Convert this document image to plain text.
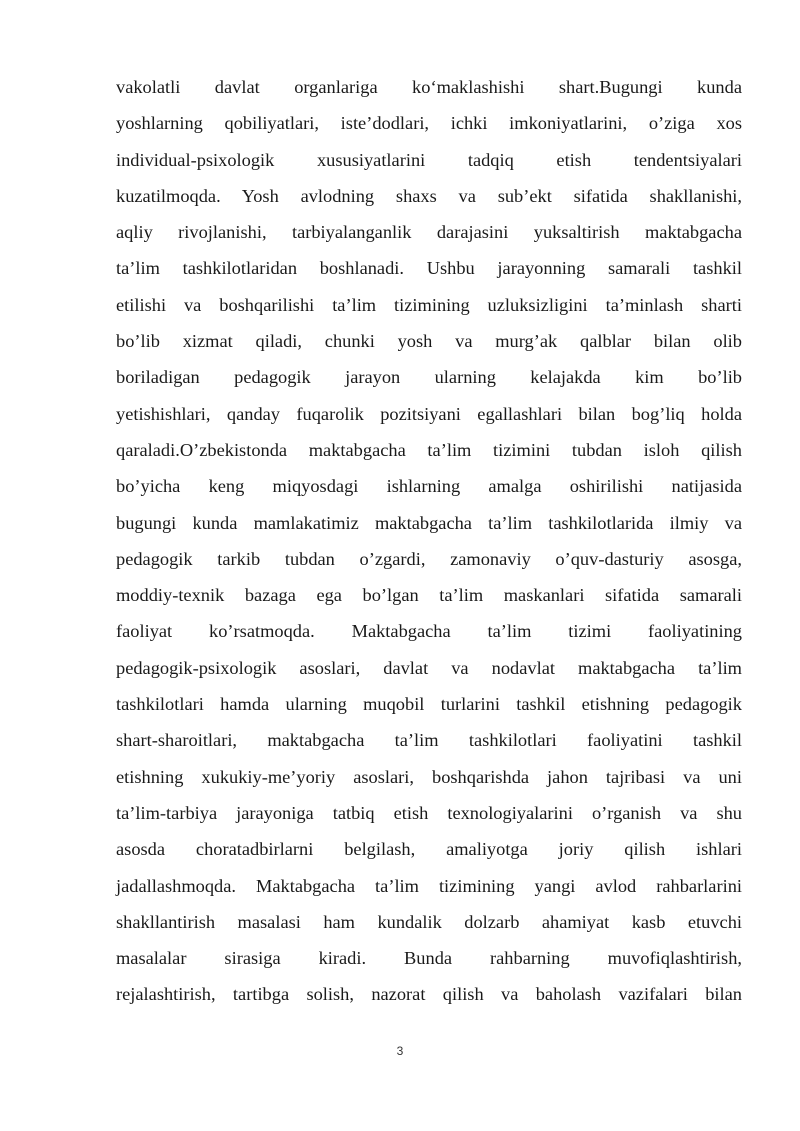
vakolatli davlat organlariga ko‘maklashishi shart.Bugungi kunda
yoshlarning qobiliyatlari, iste’dodlari, ichki imkoniyatlarini, o’ziga xos
individual-psixologik xususiyatlarini tadqiq etish tendentsiyalari
kuzatilmoqda. Yosh avlodning shaxs va sub’ekt sifatida shakllanishi,
aqliy rivojlanishi, tarbiyalanganlik darajasini yuksaltirish maktabgacha
ta’lim tashkilotlaridan boshlanadi. Ushbu jarayonning samarali tashkil
etilishi va boshqarilishi ta’lim tizimining uzluksizligini ta’minlash sharti
bo’lib xizmat qiladi, chunki yosh va murg’ak qalblar bilan olib
boriladigan pedagogik jarayon ularning kelajakda kim bo’lib
yetishishlari, qanday fuqarolik pozitsiyani egallashlari bilan bog’liq holda
qaraladi.O’zbekistonda maktabgacha ta’lim tizimini tubdan isloh qilish
bo’yicha keng miqyosdagi ishlarning amalga oshirilishi natijasida
bugungi kunda mamlakatimiz maktabgacha ta’lim tashkilotlarida ilmiy va
pedagogik tarkib tubdan o’zgardi, zamonaviy o’quv-dasturiy asosga,
moddiy-texnik bazaga ega bo’lgan ta’lim maskanlari sifatida samarali
faoliyat ko’rsatmoqda. Maktabgacha ta’lim tizimi faoliyatining
pedagogik-psixologik asoslari, davlat va nodavlat maktabgacha ta’lim
tashkilotlari hamda ularning muqobil turlarini tashkil etishning pedagogik
shart-sharoitlari, maktabgacha ta’lim tashkilotlari faoliyatini tashkil
etishning xukukiy-me’yoriy asoslari, boshqarishda jahon tajribasi va uni
ta’lim-tarbiya jarayoniga tatbiq etish texnologiyalarini o’rganish va shu
asosda choratadbirlarni belgilash, amaliyotga joriy qilish ishlari
jadallashmoqda. Maktabgacha ta’lim tizimining yangi avlod rahbarlarini
shakllantirish masalasi ham kundalik dolzarb ahamiyat kasb etuvchi
masalalar sirasiga kiradi. Bunda rahbarning muvofiqlashtirish,
rejalashtirish, tartibga solish, nazorat qilish va baholash vazifalari bilan
3
